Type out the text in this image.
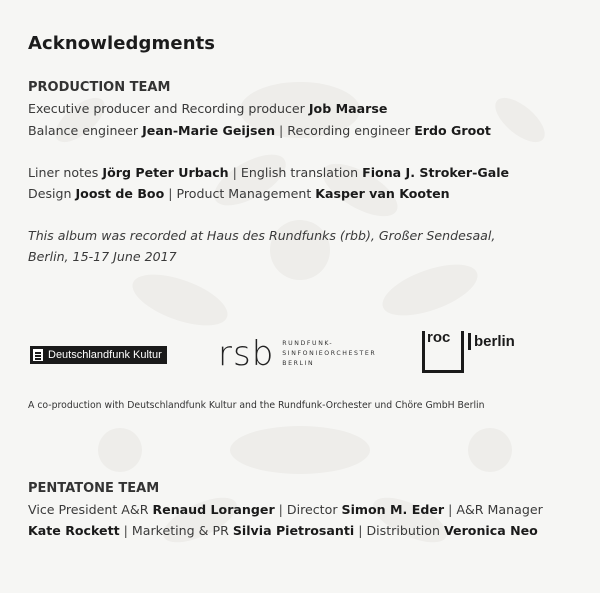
Acknowledgments
PRODUCTION TEAM
Executive producer and Recording producer Job Maarse
Balance engineer Jean-Marie Geijsen | Recording engineer Erdo Groot
Liner notes Jörg Peter Urbach | English translation Fiona J. Stroker-Gale
Design Joost de Boo | Product Management Kasper van Kooten
This album was recorded at Haus des Rundfunks (rbb), Großer Sendesaal,
Berlin, 15-17 June 2017
Deutschlandfunk Kultur rsb RUNDFUNK-
SINFONIEORCHESTER
BERLIN
roc	berlin
A co-production with Deutschlandfunk Kultur and the Rundfunk-Orchester und Chöre GmbH Berlin
PENTATONE TEAM
Vice President A&R Renaud Loranger | Director Simon M. Eder | A&R Manager
Kate Rockett | Marketing & PR Silvia Pietrosanti | Distribution Veronica Neo
